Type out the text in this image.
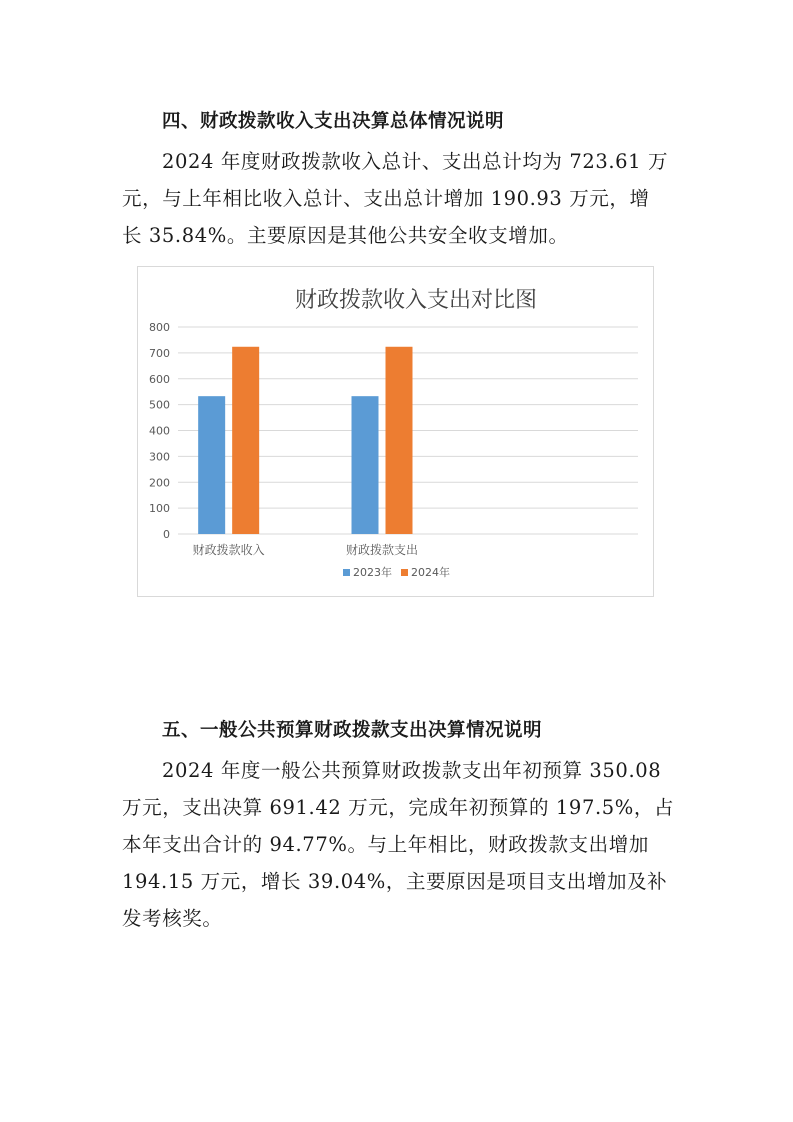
四、财政拨款收入支出决算总体情况说明
2024 年度财政拨款收入总计、支出总计均为 723.61 万
元，与上年相比收入总计、支出总计增加 190.93 万元，增
长 35.84%。主要原因是其他公共安全收支增加。
财政拨款收入支出对比图
0
100
200
300
400
500
600
700
800
财政拨款收入	财政拨款支出
2023年 2024年
五、一般公共预算财政拨款支出决算情况说明
2024 年度一般公共预算财政拨款支出年初预算 350.08
万元，支出决算 691.42 万元，完成年初预算的 197.5%，占
本年支出合计的 94.77%。与上年相比，财政拨款支出增加
194.15 万元，增长 39.04%，主要原因是项目支出增加及补
发考核奖。
